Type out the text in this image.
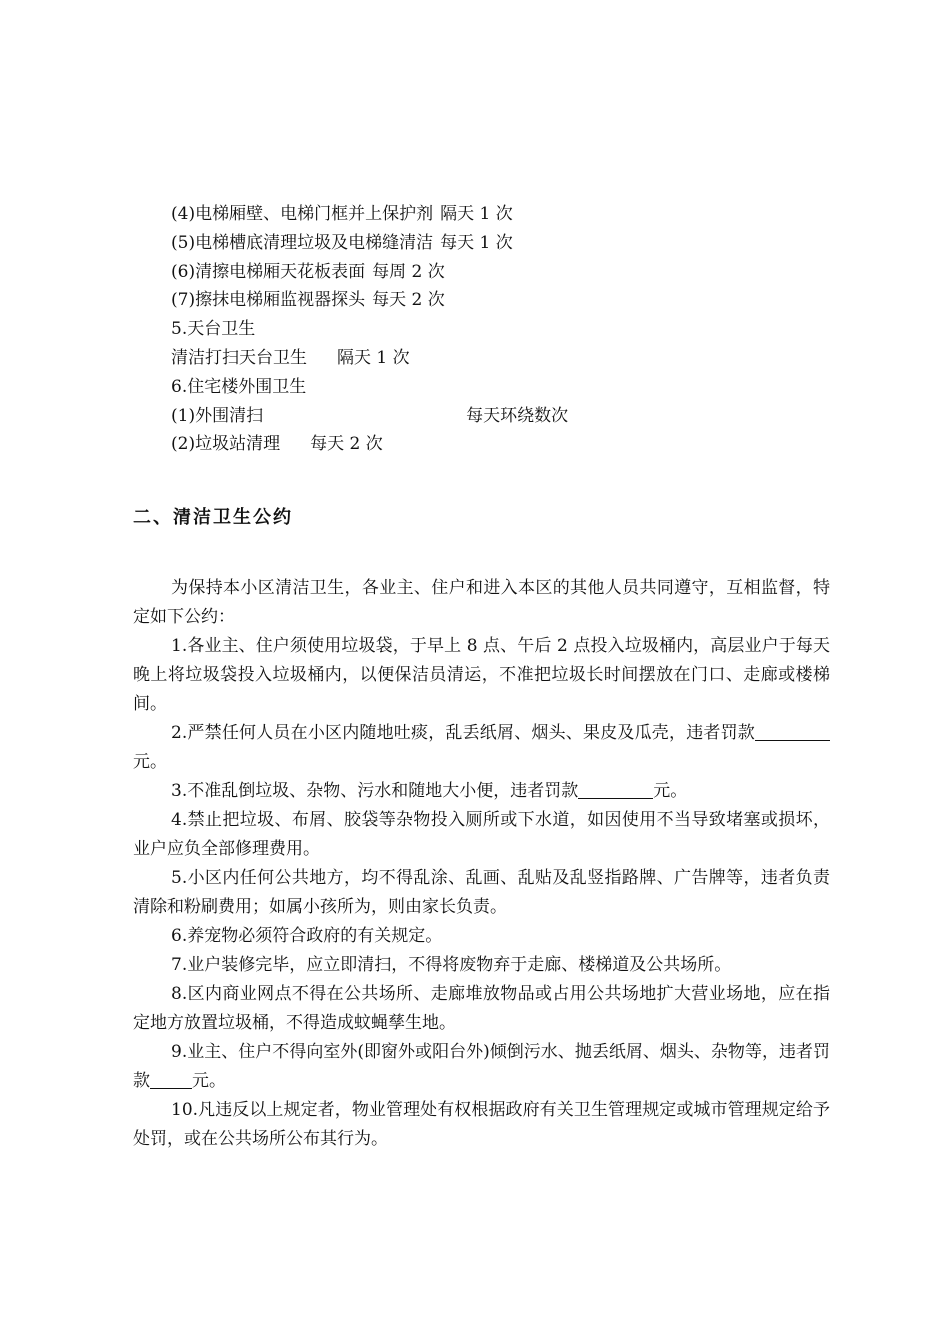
(4)电梯厢壁、电梯门框并上保护剂 隔天 1 次
(5)电梯槽底清理垃圾及电梯缝清洁 每天 1 次
(6)清擦电梯厢天花板表面 每周 2 次
(7)擦抹电梯厢监视器探头 每天 2 次
5.天台卫生
清洁打扫天台卫生 隔天 1 次
6.住宅楼外围卫生
(1)外围清扫	每天环绕数次
(2)垃圾站清理 每天 2 次
二、清洁卫生公约

为保持本小区清洁卫生，各业主、住户和进入本区的其他人员共同遵守，互相监督，特定如下公约：

1.各业主、住户须使用垃圾袋，于早上 8 点、午后 2 点投入垃圾桶内，高层业户于每天晚上将垃圾袋投入垃圾桶内，以便保洁员清运，不准把垃圾长时间摆放在门口、走廊或楼梯间。

2.严禁任何人员在小区内随地吐痰，乱丢纸屑、烟头、果皮及瓜壳，违者罚款元。

3.不准乱倒垃圾、杂物、污水和随地大小便，违者罚款	元。

4.禁止把垃圾、布屑、胶袋等杂物投入厕所或下水道，如因使用不当导致堵塞或损坏，业户应负全部修理费用。

5.小区内任何公共地方，均不得乱涂、乱画、乱贴及乱竖指路牌、广告牌等，违者负责清除和粉刷费用；如属小孩所为，则由家长负责。

6.养宠物必须符合政府的有关规定。

7.业户装修完毕，应立即清扫，不得将废物弃于走廊、楼梯道及公共场所。

8.区内商业网点不得在公共场所、走廊堆放物品或占用公共场地扩大营业场地，应在指定地方放置垃圾桶，不得造成蚊蝇孳生地。

9.业主、住户不得向室外(即窗外或阳台外)倾倒污水、抛丢纸屑、烟头、杂物等，违者罚款 元。

10.凡违反以上规定者，物业管理处有权根据政府有关卫生管理规定或城市管理规定给予处罚，或在公共场所公布其行为。
